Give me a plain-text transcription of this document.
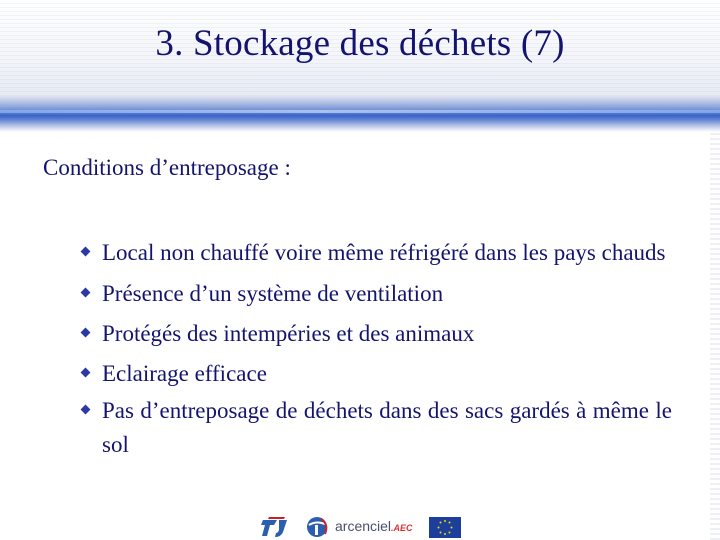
3. Stockage des déchets (7)
Conditions d’entreposage :
Local non chauffé voire même réfrigéré dans les pays chauds
Présence d’un système de ventilation
Protégés des intempéries et des animaux
Eclairage efficace
Pas d’entreposage de déchets dans des sacs gardés à même le sol
arcenciel.AEC
